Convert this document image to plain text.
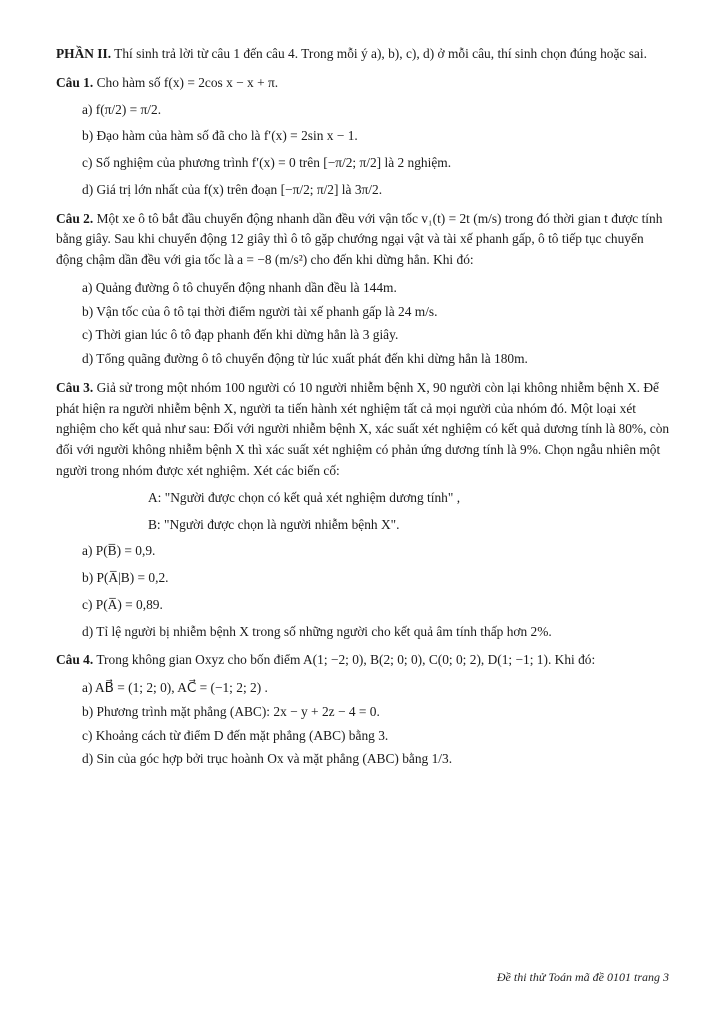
PHẦN II. Thí sinh trả lời từ câu 1 đến câu 4. Trong mỗi ý a), b), c), d) ở mỗi câu, thí sinh chọn đúng hoặc sai.

Câu 1. Cho hàm số f(x) = 2cos x − x + π.

a) f(π/2) = π/2.

b) Đạo hàm của hàm số đã cho là f′(x) = 2sin x − 1.

c) Số nghiệm của phương trình f′(x) = 0 trên [−π/2; π/2] là 2 nghiệm.

d) Giá trị lớn nhất của f(x) trên đoạn [−π/2; π/2] là 3π/2.

Câu 2. Một xe ô tô bắt đầu chuyển động nhanh dần đều với vận tốc v₁(t) = 2t (m/s) trong đó thời gian t được tính bằng giây. Sau khi chuyển động 12 giây thì ô tô gặp chướng ngại vật và tài xế phanh gấp, ô tô tiếp tục chuyển động chậm dần đều với gia tốc là a = −8 (m/s²) cho đến khi dừng hẳn. Khi đó:

a) Quảng đường ô tô chuyển động nhanh dần đều là 144m.

b) Vận tốc của ô tô tại thời điểm người tài xế phanh gấp là 24 m/s.

c) Thời gian lúc ô tô đạp phanh đến khi dừng hẳn là 3 giây.

d) Tổng quãng đường ô tô chuyển động từ lúc xuất phát đến khi dừng hẳn là 180m.

Câu 3. Giả sử trong một nhóm 100 người có 10 người nhiễm bệnh X, 90 người còn lại không nhiễm bệnh X. Để phát hiện ra người nhiễm bệnh X, người ta tiến hành xét nghiệm tất cả mọi người của nhóm đó. Một loại xét nghiệm cho kết quả như sau: Đối với người nhiễm bệnh X, xác suất xét nghiệm có kết quả dương tính là 80%, còn đối với người không nhiễm bệnh X thì xác suất xét nghiệm có phản ứng dương tính là 9%. Chọn ngẫu nhiên một người trong nhóm được xét nghiệm. Xét các biến cố:

A: "Người được chọn có kết quả xét nghiệm dương tính" ,

B: "Người được chọn là người nhiễm bệnh X".

a) P(B̅) = 0,9.

b) P(A̅|B) = 0,2.

c) P(A̅) = 0,89.

d) Tỉ lệ người bị nhiễm bệnh X trong số những người cho kết quả âm tính thấp hơn 2%.

Câu 4. Trong không gian Oxyz cho bốn điểm A(1; −2; 0), B(2; 0; 0), C(0; 0; 2), D(1; −1; 1). Khi đó:

a) AB⃗ = (1; 2; 0), AC⃗ = (−1; 2; 2) .

b) Phương trình mặt phẳng (ABC): 2x − y + 2z − 4 = 0.

c) Khoảng cách từ điểm D đến mặt phẳng (ABC) bằng 3.

d) Sin của góc hợp bởi trục hoành Ox và mặt phẳng (ABC) bằng 1/3.

Đề thi thử Toán mã đề 0101 trang 3
